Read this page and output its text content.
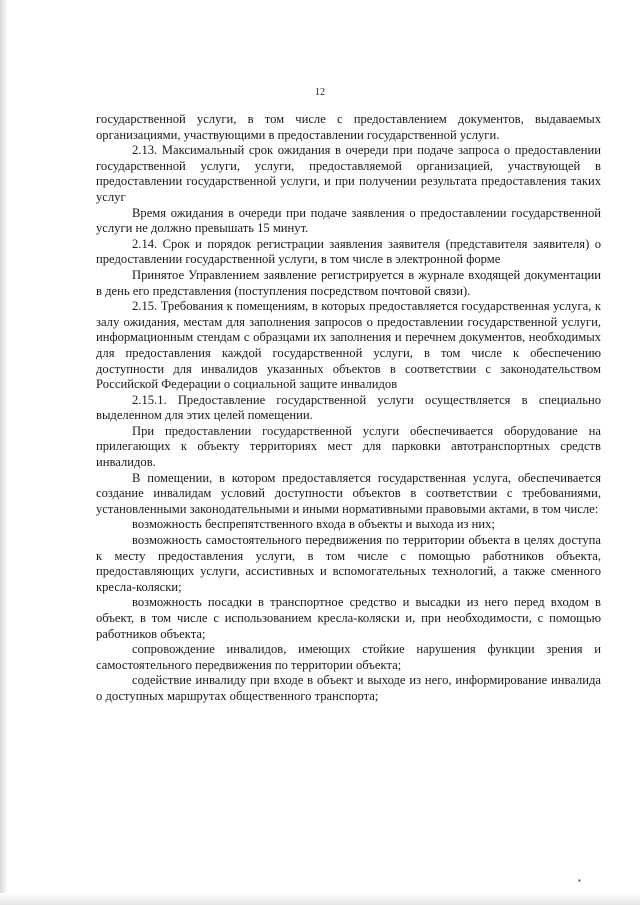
12

государственной услуги, в том числе с предоставлением документов, выдаваемых организациями, участвующими в предоставлении государственной услуги.

2.13. Максимальный срок ожидания в очереди при подаче запроса о предоставлении государственной услуги, услуги, предоставляемой организацией, участвующей в предоставлении государственной услуги, и при получении результата предоставления таких услуг

Время ожидания в очереди при подаче заявления о предоставлении государственной услуги не должно превышать 15 минут.

2.14. Срок и порядок регистрации заявления заявителя (представителя заявителя) о предоставлении государственной услуги, в том числе в электронной форме

Принятое Управлением заявление регистрируется в журнале входящей документации в день его представления (поступления посредством почтовой связи).

2.15. Требования к помещениям, в которых предоставляется государственная услуга, к залу ожидания, местам для заполнения запросов о предоставлении государственной услуги, информационным стендам с образцами их заполнения и перечнем документов, необходимых для предоставления каждой государственной услуги, в том числе к обеспечению доступности для инвалидов указанных объектов в соответствии с законодательством Российской Федерации о социальной защите инвалидов

2.15.1. Предоставление государственной услуги осуществляется в специально выделенном для этих целей помещении.

При предоставлении государственной услуги обеспечивается оборудование на прилегающих к объекту территориях мест для парковки автотранспортных средств инвалидов.

В помещении, в котором предоставляется государственная услуга, обеспечивается создание инвалидам условий доступности объектов в соответствии с требованиями, установленными законодательными и иными нормативными правовыми актами, в том числе:

возможность беспрепятственного входа в объекты и выхода из них;

возможность самостоятельного передвижения по территории объекта в целях доступа к месту предоставления услуги, в том числе с помощью работников объекта, предоставляющих услуги, ассистивных и вспомогательных технологий, а также сменного кресла-коляски;

возможность посадки в транспортное средство и высадки из него перед входом в объект, в том числе с использованием кресла-коляски и, при необходимости, с помощью работников объекта;

сопровождение инвалидов, имеющих стойкие нарушения функции зрения и самостоятельного передвижения по территории объекта;

содействие инвалиду при входе в объект и выходе из него, информирование инвалида о доступных маршрутах общественного транспорта;

▪
